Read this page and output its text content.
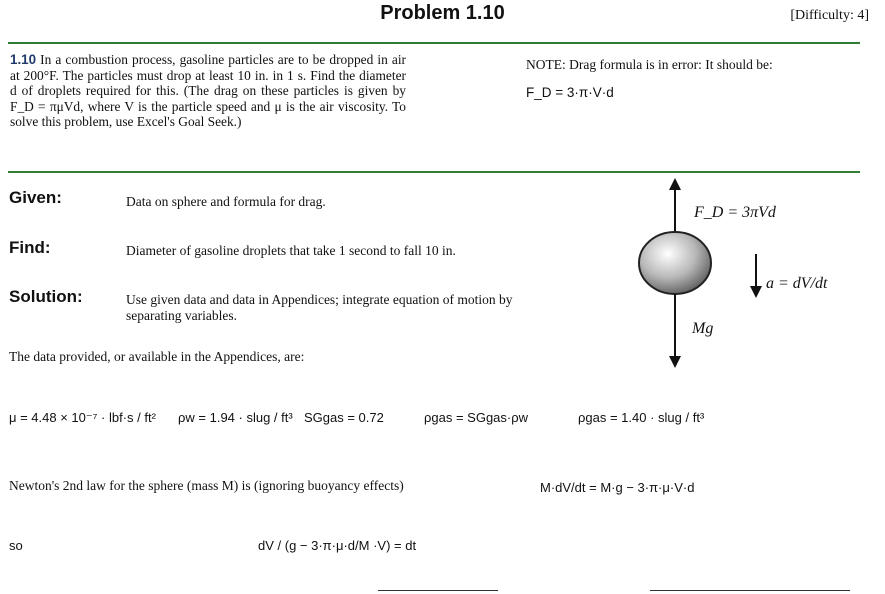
Problem 1.10	[Difficulty: 4]
1.10 In a combustion process, gasoline particles are to be dropped in air at 200°F. The particles must drop at least 10 in. in 1 s. Find the diameter d of droplets required for this. (The drag on these particles is given by F_D = πμVd, where V is the particle speed and μ is the air viscosity. To solve this problem, use Excel's Goal Seek.)
NOTE: Drag formula is in error: It should be:
F_D = 3·π·V·d
Given:	Data on sphere and formula for drag.
Find:	Diameter of gasoline droplets that take 1 second to fall 10 in.
Solution:	Use given data and data in Appendices; integrate equation of motion by separating variables.
F_D = 3πVd
a = dV/dt
Mg
The data provided, or available in the Appendices, are:
μ = 4.48 × 10⁻⁷ · lbf·s / ft² ρw = 1.94 · slug / ft³ SGgas = 0.72	ρgas = SGgas·ρw	ρgas = 1.40 · slug / ft³
Newton's 2nd law for the sphere (mass M) is (ignoring buoyancy effects)	M·dV/dt = M·g − 3·π·μ·V·d
so	dV / (g − 3·π·μ·d/M ·V) = dt
